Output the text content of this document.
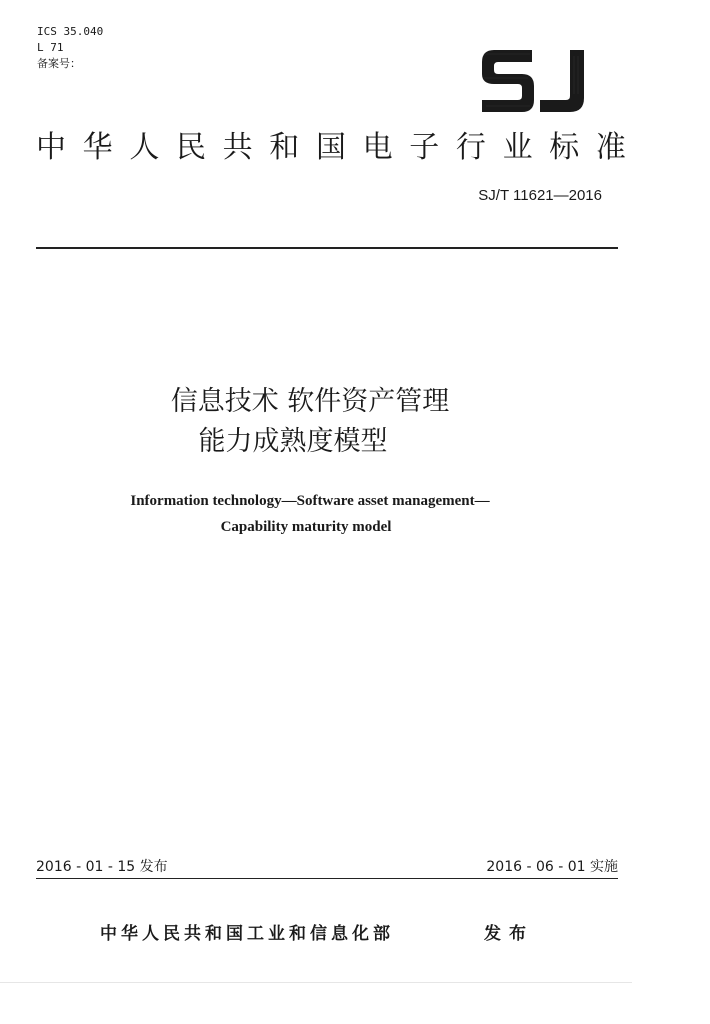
ICS 35.040
L 71
备案号：
中 华 人 民 共 和 国 电 子 行 业 标 准
SJ/T 11621—2016
信息技术 软件资产管理
能力成熟度模型
Information technology—Software asset management—
Capability maturity model
2016 - 01 - 15 发布	2016 - 06 - 01 实施
中华人民共和国工业和信息化部	发布
